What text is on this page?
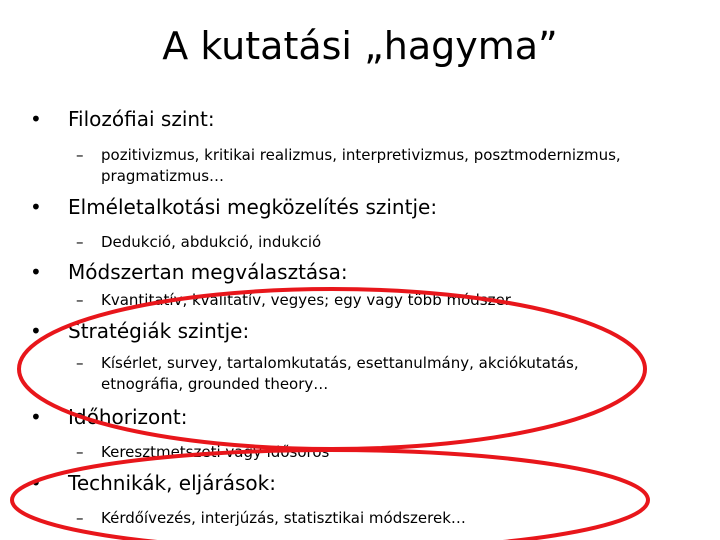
A kutatási „hagyma”
• Filozófiai szint:
–	pozitivizmus, kritikai realizmus, interpretivizmus, posztmodernizmus, pragmatizmus…
• Elméletalkotási megközelítés szintje:
–	Dedukció, abdukció, indukció
• Módszertan megválasztása:
–	Kvantitatív, kvalitatív, vegyes; egy vagy több módszer
• Stratégiák szintje:
–	Kísérlet, survey, tartalomkutatás, esettanulmány, akciókutatás, etnográfia, grounded theory…
• Időhorizont:
–	Keresztmetszeti vagy idősoros
• Technikák, eljárások:
–	Kérdőívezés, interjúzás, statisztikai módszerek…
